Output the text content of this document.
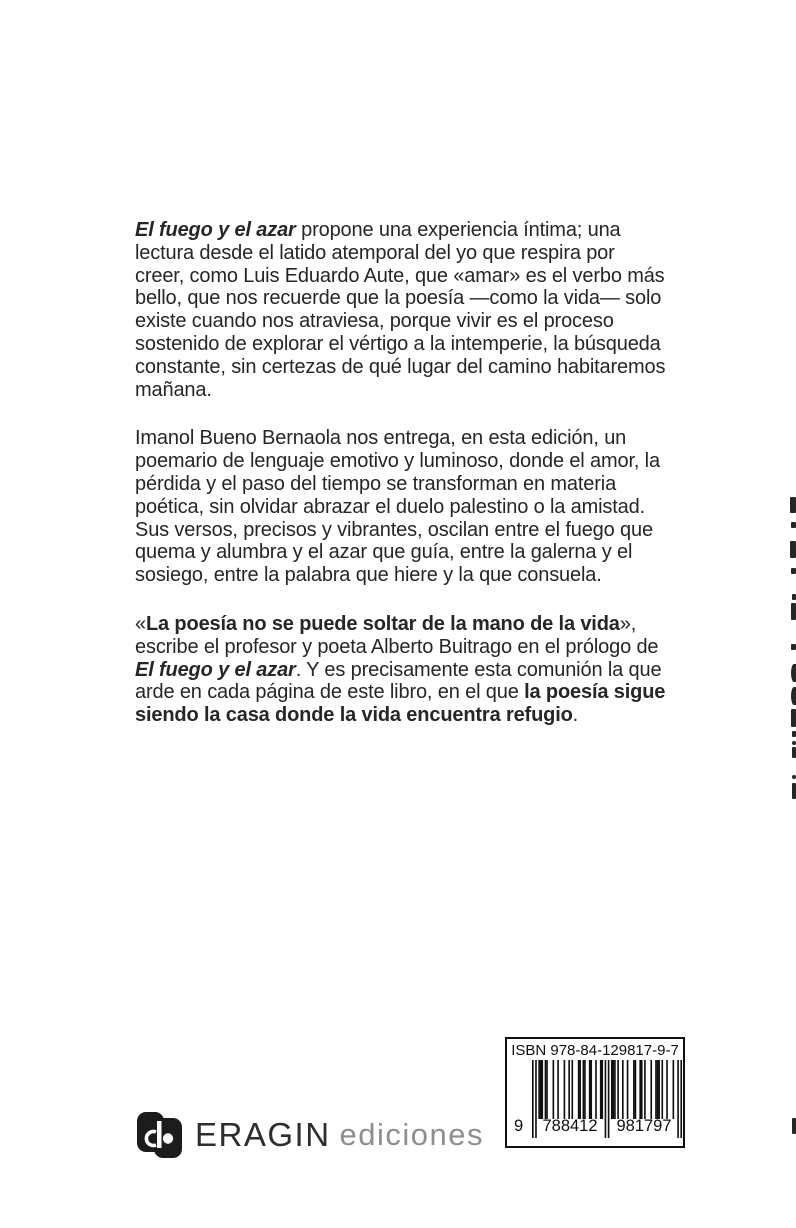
El fuego y el azar propone una experiencia íntima; una lectura desde el latido atemporal del yo que respira por creer, como Luis Eduardo Aute, que «amar» es el verbo más bello, que nos recuerde que la poesía —como la vida— solo existe cuando nos atraviesa, porque vivir es el proceso sostenido de explorar el vértigo a la intemperie, la búsqueda constante, sin certezas de qué lugar del camino habitaremos mañana.

Imanol Bueno Bernaola nos entrega, en esta edición, un poemario de lenguaje emotivo y luminoso, donde el amor, la pérdida y el paso del tiempo se transforman en materia poética, sin olvidar abrazar el duelo palestino o la amistad. Sus versos, precisos y vibrantes, oscilan entre el fuego que quema y alumbra y el azar que guía, entre la galerna y el sosiego, entre la palabra que hiere y la que consuela.

«La poesía no se puede soltar de la mano de la vida», escribe el profesor y poeta Alberto Buitrago en el prólogo de El fuego y el azar. Y es precisamente esta comunión la que arde en cada página de este libro, en el que la poesía sigue siendo la casa donde la vida encuentra refugio.

ISBN 978-84-129817-9-7
9	788412	981797
ERAGIN ediciones
